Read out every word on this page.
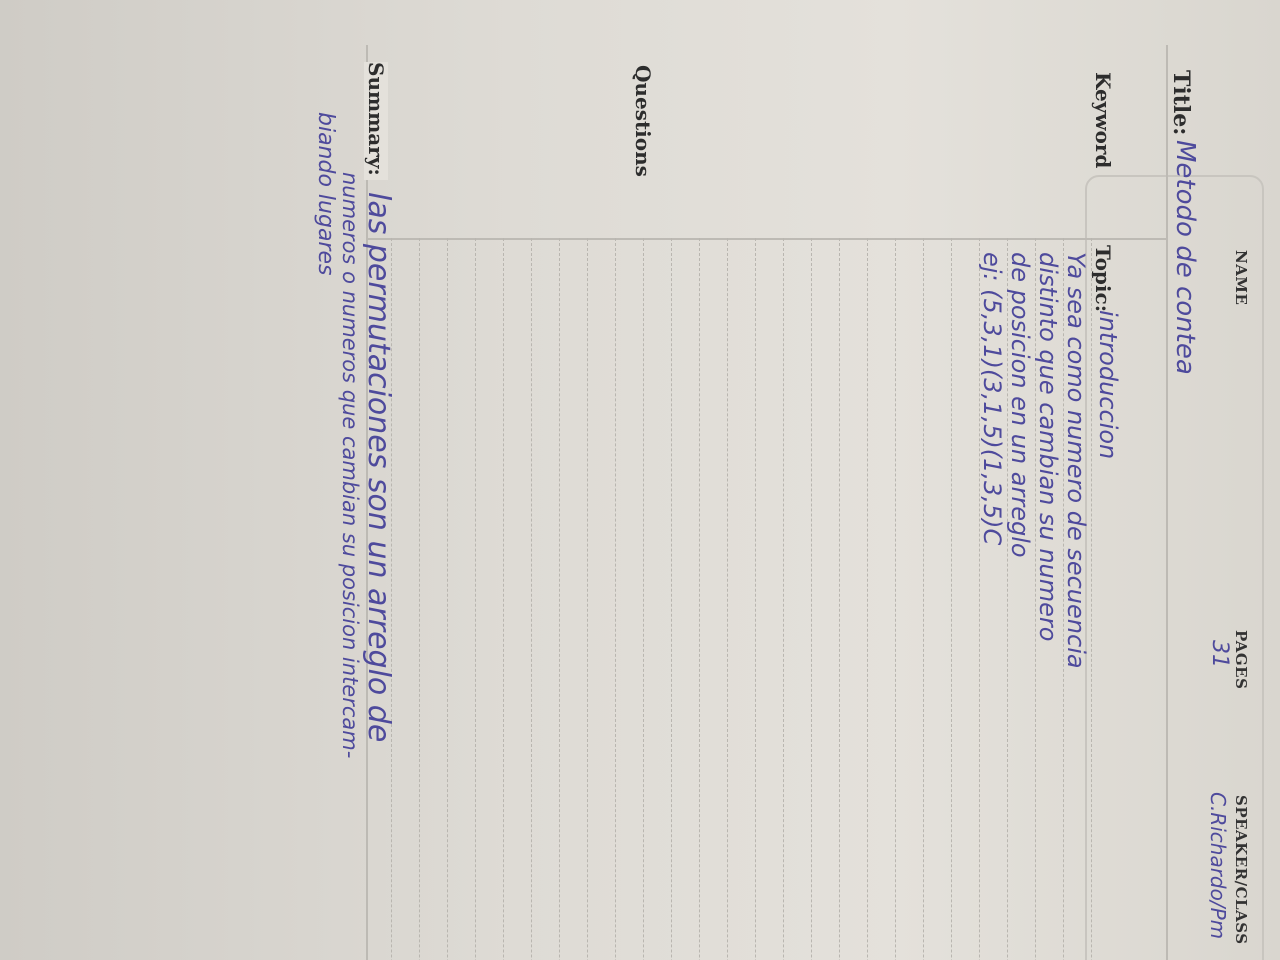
NAME
PAGES
31
SPEAKER/CLASS
C.Richardo/Pm
Title:
Metodo de contea
Keyword
Topic:
introduccion
Ya sea como numero de secuencia
distinto que cambian su numero
de posicion en un arreglo
ej: (5,3,1)(3,1,5)(1,3,5)C
Questions
Summary:
las permutaciones son un arreglo de
numeros o numeros que cambian su posicion intercam-
biando lugares
